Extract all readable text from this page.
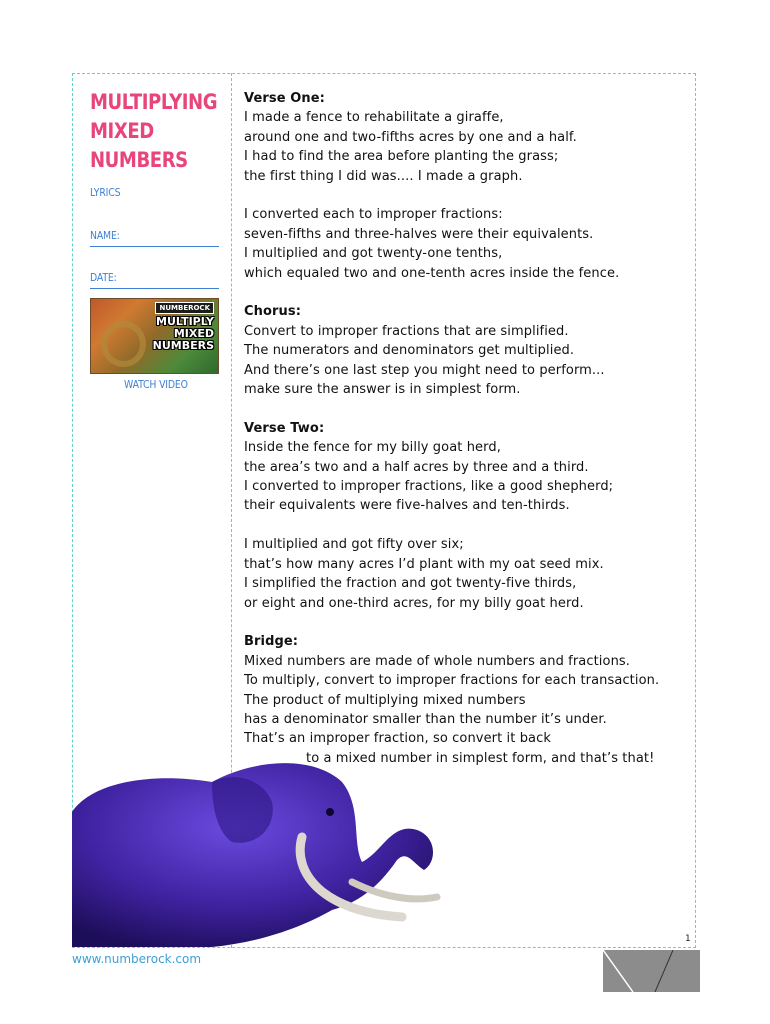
MULTIPLYING
MIXED
NUMBERS
LYRICS
NAME:
DATE:
NUMBEROCK
MULTIPLY
MIXED
NUMBERS
WATCH VIDEO
Verse One:
I made a fence to rehabilitate a giraffe,
around one and two-fifths acres by one and a half.
I had to find the area before planting the grass;
the first thing I did was.... I made a graph.
I converted each to improper fractions:
seven-fifths and three-halves were their equivalents.
I multiplied and got twenty-one tenths,
which equaled two and one-tenth acres inside the fence.
Chorus:
Convert to improper fractions that are simplified.
The numerators and denominators get multiplied.
And there’s one last step you might need to perform...
make sure the answer is in simplest form.
Verse Two:
Inside the fence for my billy goat herd,
the area’s two and a half acres by three and a third.
I converted to improper fractions, like a good shepherd;
their equivalents were five-halves and ten-thirds.
I multiplied and got fifty over six;
that’s how many acres I’d plant with my oat seed mix.
I simplified the fraction and got twenty-five thirds,
or eight and one-third acres, for my billy goat herd.
Bridge:
Mixed numbers are made of whole numbers and fractions.
To multiply, convert to improper fractions for each transaction.
The product of multiplying mixed numbers
has a denominator smaller than the number it’s under.
That’s an improper fraction, so convert it back
to a mixed number in simplest form, and that’s that!
1
www.numberock.com
